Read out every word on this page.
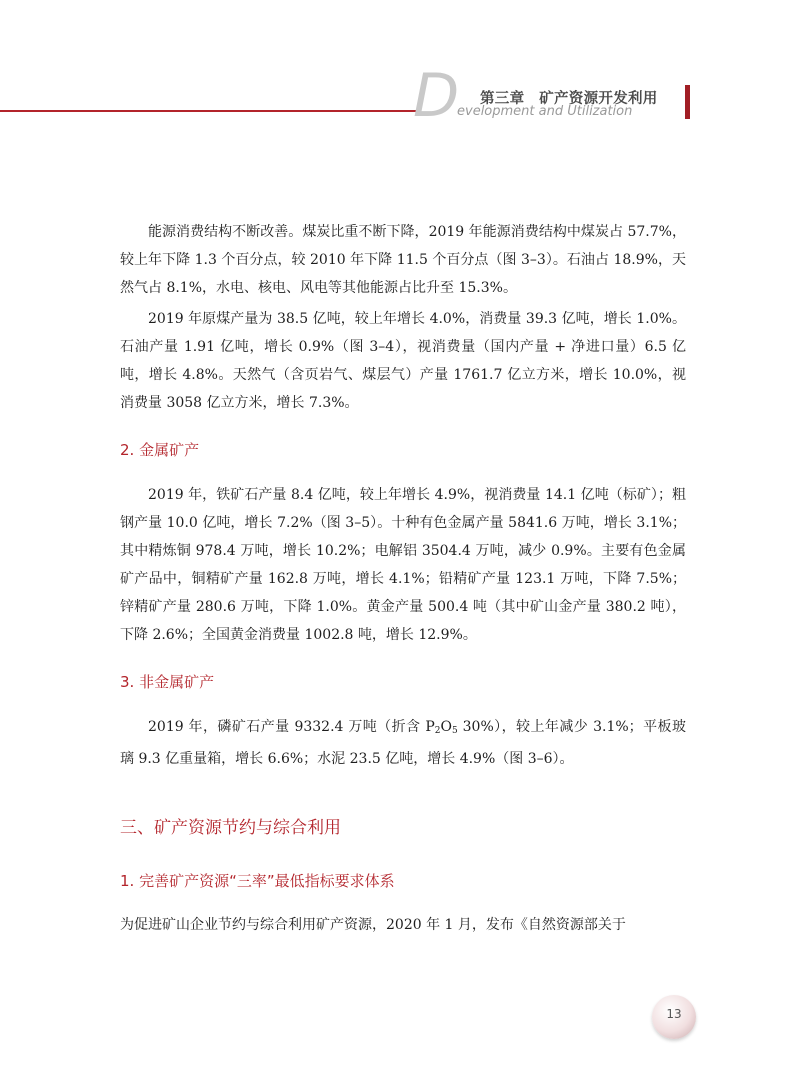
D 第三章　矿产资源开发利用
evelopment and Utilization

能源消费结构不断改善。煤炭比重不断下降，2019 年能源消费结构中煤炭占 57.7%，较上年下降 1.3 个百分点，较 2010 年下降 11.5 个百分点（图 3–3）。石油占 18.9%，天然气占 8.1%，水电、核电、风电等其他能源占比升至 15.3%。

2019 年原煤产量为 38.5 亿吨，较上年增长 4.0%，消费量 39.3 亿吨，增长 1.0%。石油产量 1.91 亿吨，增长 0.9%（图 3–4），视消费量（国内产量 + 净进口量）6.5 亿吨，增长 4.8%。天然气（含页岩气、煤层气）产量 1761.7 亿立方米，增长 10.0%，视消费量 3058 亿立方米，增长 7.3%。

2. 金属矿产

2019 年，铁矿石产量 8.4 亿吨，较上年增长 4.9%，视消费量 14.1 亿吨（标矿）；粗钢产量 10.0 亿吨，增长 7.2%（图 3–5）。十种有色金属产量 5841.6 万吨，增长 3.1%；其中精炼铜 978.4 万吨，增长 10.2%；电解铝 3504.4 万吨，减少 0.9%。主要有色金属矿产品中，铜精矿产量 162.8 万吨，增长 4.1%；铅精矿产量 123.1 万吨，下降 7.5%；锌精矿产量 280.6 万吨，下降 1.0%。黄金产量 500.4 吨（其中矿山金产量 380.2 吨），下降 2.6%；全国黄金消费量 1002.8 吨，增长 12.9%。

3. 非金属矿产

2019 年，磷矿石产量 9332.4 万吨（折含 $P_2O_5$ 30%），较上年减少 3.1%；平板玻璃 9.3 亿重量箱，增长 6.6%；水泥 23.5 亿吨，增长 4.9%（图 3–6）。

三、矿产资源节约与综合利用
1. 完善矿产资源“三率”最低指标要求体系

为促进矿山企业节约与综合利用矿产资源，2020 年 1 月，发布《自然资源部关于

13
